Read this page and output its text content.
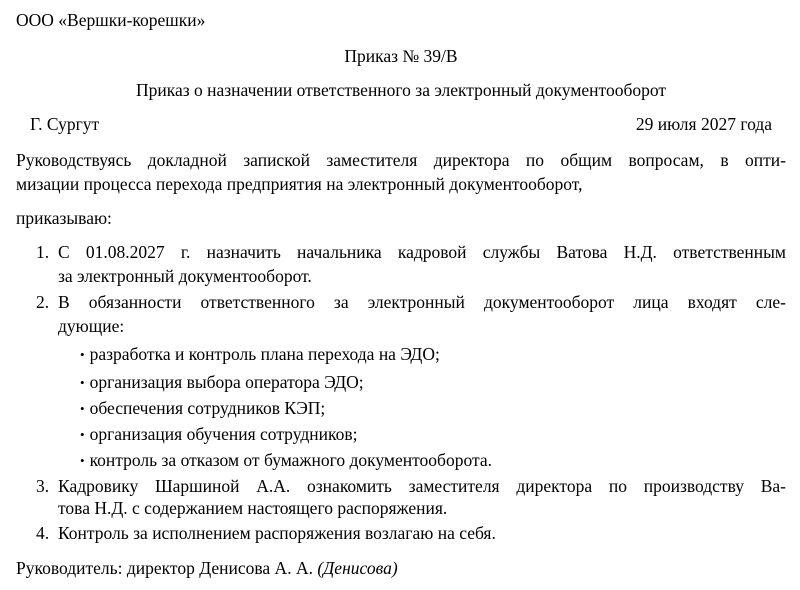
ООО «Вершки-корешки»
Приказ № 39/В
Приказ о назначении ответственного за электронный документооборот
Г. Сургут	29 июля 2027 года
Руководствуясь докладной запиской заместителя директора по общим вопросам, в опти-
мизации процесса перехода предприятия на электронный документооборот,
приказываю:
1. С 01.08.2027 г. назначить начальника кадровой службы Ватова Н.Д. ответственным
за электронный документооборот.
2. В обязанности ответственного за электронный документооборот лица входят сле-
дующие:
• разработка и контроль плана перехода на ЭДО;
• организация выбора оператора ЭДО;
• обеспечения сотрудников КЭП;
• организация обучения сотрудников;
• контроль за отказом от бумажного документооборота.
3. Кадровику Шаршиной А.А. ознакомить заместителя директора по производству Ва-
това Н.Д. с содержанием настоящего распоряжения.
4. Контроль за исполнением распоряжения возлагаю на себя.
Руководитель: директор Денисова А. А. (Денисова)
